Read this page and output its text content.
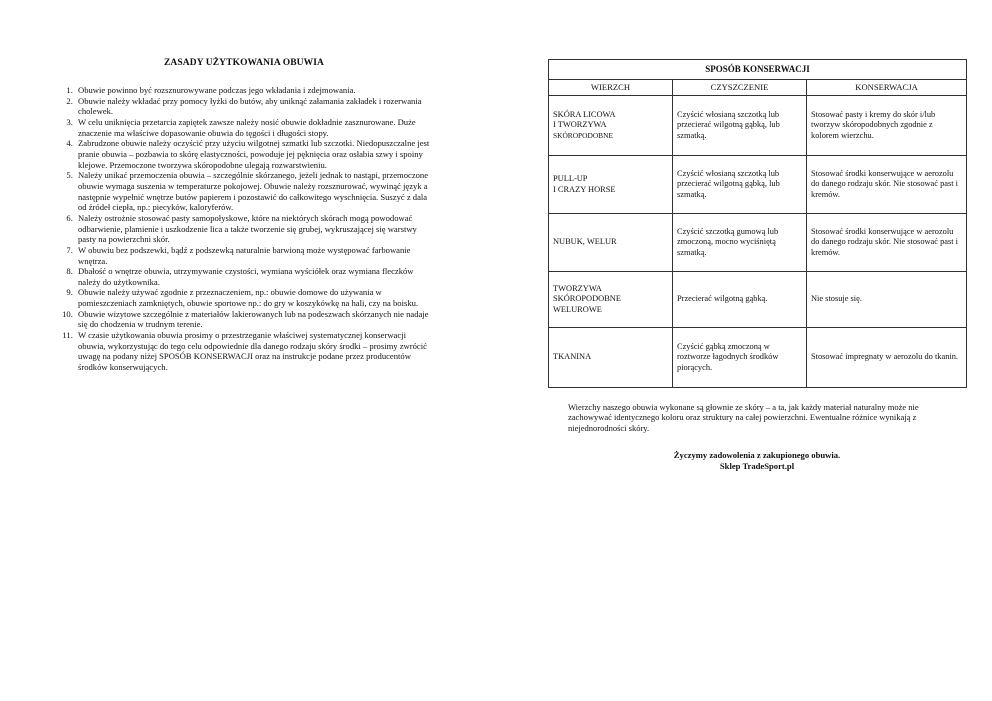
ZASADY UŻYTKOWANIA OBUWIA
1. Obuwie powinno być rozsznurowywane podczas jego wkładania i zdejmowania.
2. Obuwie należy wkładać przy pomocy łyżki do butów, aby uniknąć załamania zakładek i rozerwania cholewek.
3. W celu uniknięcia przetarcia zapiętek zawsze należy nosić obuwie dokładnie zasznurowane. Duże znaczenie ma właściwe dopasowanie obuwia do tęgości i długości stopy.
4. Zabrudzone obuwie należy oczyścić przy użyciu wilgotnej szmatki lub szczotki. Niedopuszczalne jest pranie obuwia – pozbawia to skórę elastyczności, powoduje jej pęknięcia oraz osłabia szwy i spoiny klejowe. Przemoczone tworzywa skóropodobne ulegają rozwarstwieniu.
5. Należy unikać przemoczenia obuwia – szczególnie skórzanego, jeżeli jednak to nastąpi, przemoczone obuwie wymaga suszenia w temperaturze pokojowej. Obuwie należy rozsznurować, wywinąć język a następnie wypełnić wnętrze butów papierem i pozostawić do całkowitego wyschnięcia. Suszyć z dala od źródeł ciepła, np.: piecyków, kaloryferów.
6. Należy ostrożnie stosować pasty samopołyskowe, które na niektórych skórach mogą powodować odbarwienie, plamienie i uszkodzenie lica a także tworzenie się grubej, wykruszającej się warstwy pasty na powierzchni skór.
7. W obuwiu bez podszewki, bądź z podszewką naturalnie barwioną może występować farbowanie wnętrza.
8. Dbałość o wnętrze obuwia, utrzymywanie czystości, wymiana wyściółek oraz wymiana fleczków należy do użytkownika.
9. Obuwie należy używać zgodnie z przeznaczeniem, np.: obuwie domowe do używania w pomieszczeniach zamkniętych, obuwie sportowe np.: do gry w koszykówkę na hali, czy na boisku.
10. Obuwie wizytowe szczególnie z materiałów lakierowanych lub na podeszwach skórzanych nie nadaje się do chodzenia w trudnym terenie.
11. W czasie użytkowania obuwia prosimy o przestrzeganie właściwej systematycznej konserwacji obuwia, wykorzystując do tego celu odpowiednie dla danego rodzaju skóry środki – prosimy zwrócić uwagę na podany niżej SPOSÓB KONSERWACJI oraz na instrukcje podane przez producentów środków konserwujących.
SPOSÓB KONSERWACJI		
WIERZCH	CZYSZCZENIE	KONSERWACJA

SKÓRA LICOWA
I TWORZYWA
SKÓROPODOBNE	Czyścić włosianą szczotką lub przecierać wilgotną gąbką, lub szmatką.	Stosować pasty i kremy do skór i/lub tworzyw skóropodobnych zgodnie z kolorem wierzchu.

PULL-UP
I CRAZY HORSE	Czyścić włosianą szczotką lub przecierać wilgotną gąbką, lub szmatką.	Stosować środki konserwujące w aerozolu do danego rodzaju skór. Nie stosować past i kremów.

NUBUK, WELUR	Czyścić szczotką gumową lub zmoczoną, mocno wyciśniętą szmatką.	Stosować środki konserwujące w aerozolu do danego rodzaju skór. Nie stosować past i kremów.

TWORZYWA
SKÓROPODOBNE
WELUROWE	Przecierać wilgotną gąbką.	Nie stosuje się.

TKANINA	Czyścić gąbką zmoczoną w roztworze łagodnych środków piorących.	Stosować impregnaty w aerozolu do tkanin.

Wierzchy naszego obuwia wykonane są głownie ze skóry – a ta, jak każdy materiał naturalny może nie zachowywać identycznego koloru oraz struktury na całej powierzchni. Ewentualne różnice wynikają z niejednorodności skóry.

Życzymy zadowolenia z zakupionego obuwia.
Sklep TradeSport.pl
